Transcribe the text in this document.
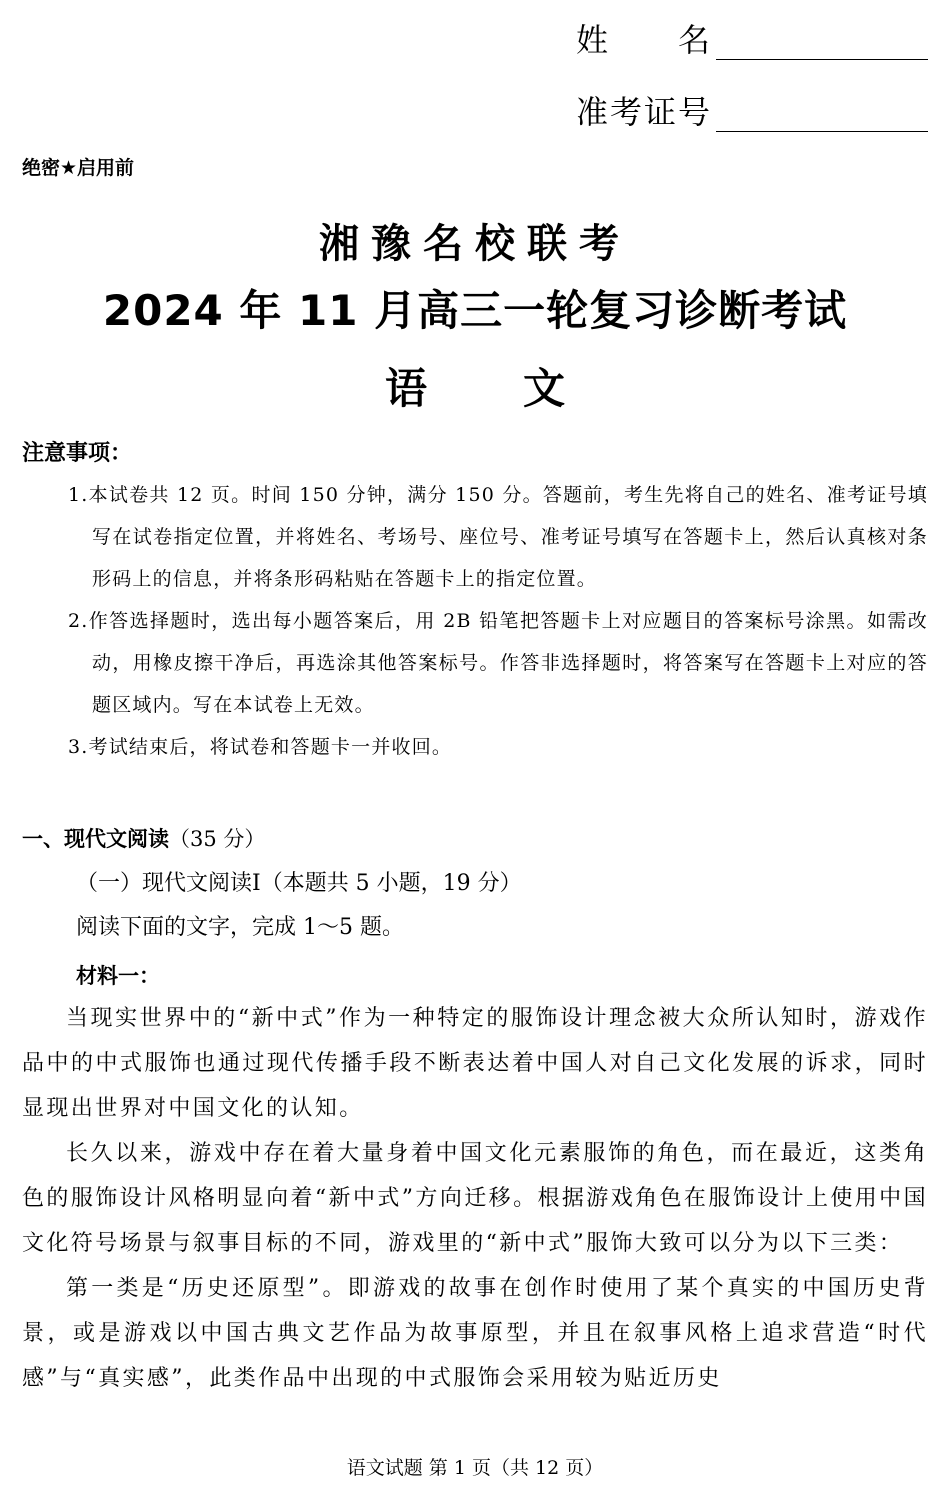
姓　　名
准考证号
绝密★启用前
湘豫名校联考
2024 年 11 月高三一轮复习诊断考试
语 文
注意事项：
1.本试卷共 12 页。时间 150 分钟，满分 150 分。答题前，考生先将自己的姓名、准考证号填写在试卷指定位置，并将姓名、考场号、座位号、准考证号填写在答题卡上，然后认真核对条形码上的信息，并将条形码粘贴在答题卡上的指定位置。
2.作答选择题时，选出每小题答案后，用 2B 铅笔把答题卡上对应题目的答案标号涂黑。如需改动，用橡皮擦干净后，再选涂其他答案标号。作答非选择题时，将答案写在答题卡上对应的答题区域内。写在本试卷上无效。
3.考试结束后，将试卷和答题卡一并收回。
一、现代文阅读（35 分）
（一）现代文阅读Ⅰ（本题共 5 小题，19 分）
阅读下面的文字，完成 1～5 题。
材料一：

当现实世界中的“新中式”作为一种特定的服饰设计理念被大众所认知时，游戏作品中的中式服饰也通过现代传播手段不断表达着中国人对自己文化发展的诉求，同时显现出世界对中国文化的认知。

长久以来，游戏中存在着大量身着中国文化元素服饰的角色，而在最近，这类角色的服饰设计风格明显向着“新中式”方向迁移。根据游戏角色在服饰设计上使用中国文化符号场景与叙事目标的不同，游戏里的“新中式”服饰大致可以分为以下三类：

第一类是“历史还原型”。即游戏的故事在创作时使用了某个真实的中国历史背景，或是游戏以中国古典文艺作品为故事原型，并且在叙事风格上追求营造“时代感”与“真实感”，此类作品中出现的中式服饰会采用较为贴近历史

语文试题 第 1 页（共 12 页）
